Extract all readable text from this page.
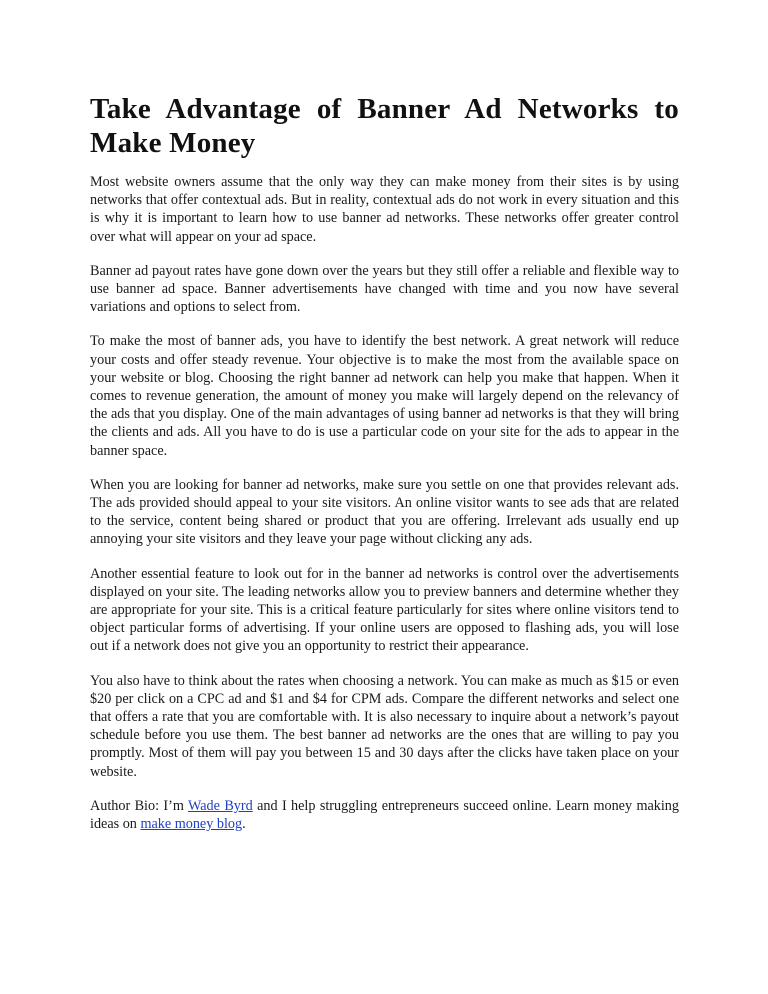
Take Advantage of Banner Ad Networks to Make Money

Most website owners assume that the only way they can make money from their sites is by using networks that offer contextual ads. But in reality, contextual ads do not work in every situation and this is why it is important to learn how to use banner ad networks. These networks offer greater control over what will appear on your ad space.

Banner ad payout rates have gone down over the years but they still offer a reliable and flexible way to use banner ad space. Banner advertisements have changed with time and you now have several variations and options to select from.

To make the most of banner ads, you have to identify the best network. A great network will reduce your costs and offer steady revenue. Your objective is to make the most from the available space on your website or blog. Choosing the right banner ad network can help you make that happen. When it comes to revenue generation, the amount of money you make will largely depend on the relevancy of the ads that you display. One of the main advantages of using banner ad networks is that they will bring the clients and ads. All you have to do is use a particular code on your site for the ads to appear in the banner space.

When you are looking for banner ad networks, make sure you settle on one that provides relevant ads. The ads provided should appeal to your site visitors. An online visitor wants to see ads that are related to the service, content being shared or product that you are offering. Irrelevant ads usually end up annoying your site visitors and they leave your page without clicking any ads.

Another essential feature to look out for in the banner ad networks is control over the advertisements displayed on your site. The leading networks allow you to preview banners and determine whether they are appropriate for your site. This is a critical feature particularly for sites where online visitors tend to object particular forms of advertising. If your online users are opposed to flashing ads, you will lose out if a network does not give you an opportunity to restrict their appearance.

You also have to think about the rates when choosing a network. You can make as much as $15 or even $20 per click on a CPC ad and $1 and $4 for CPM ads. Compare the different networks and select one that offers a rate that you are comfortable with. It is also necessary to inquire about a network’s payout schedule before you use them. The best banner ad networks are the ones that are willing to pay you promptly. Most of them will pay you between 15 and 30 days after the clicks have taken place on your website.

Author Bio: I’m Wade Byrd and I help struggling entrepreneurs succeed online. Learn money making ideas on make money blog.
